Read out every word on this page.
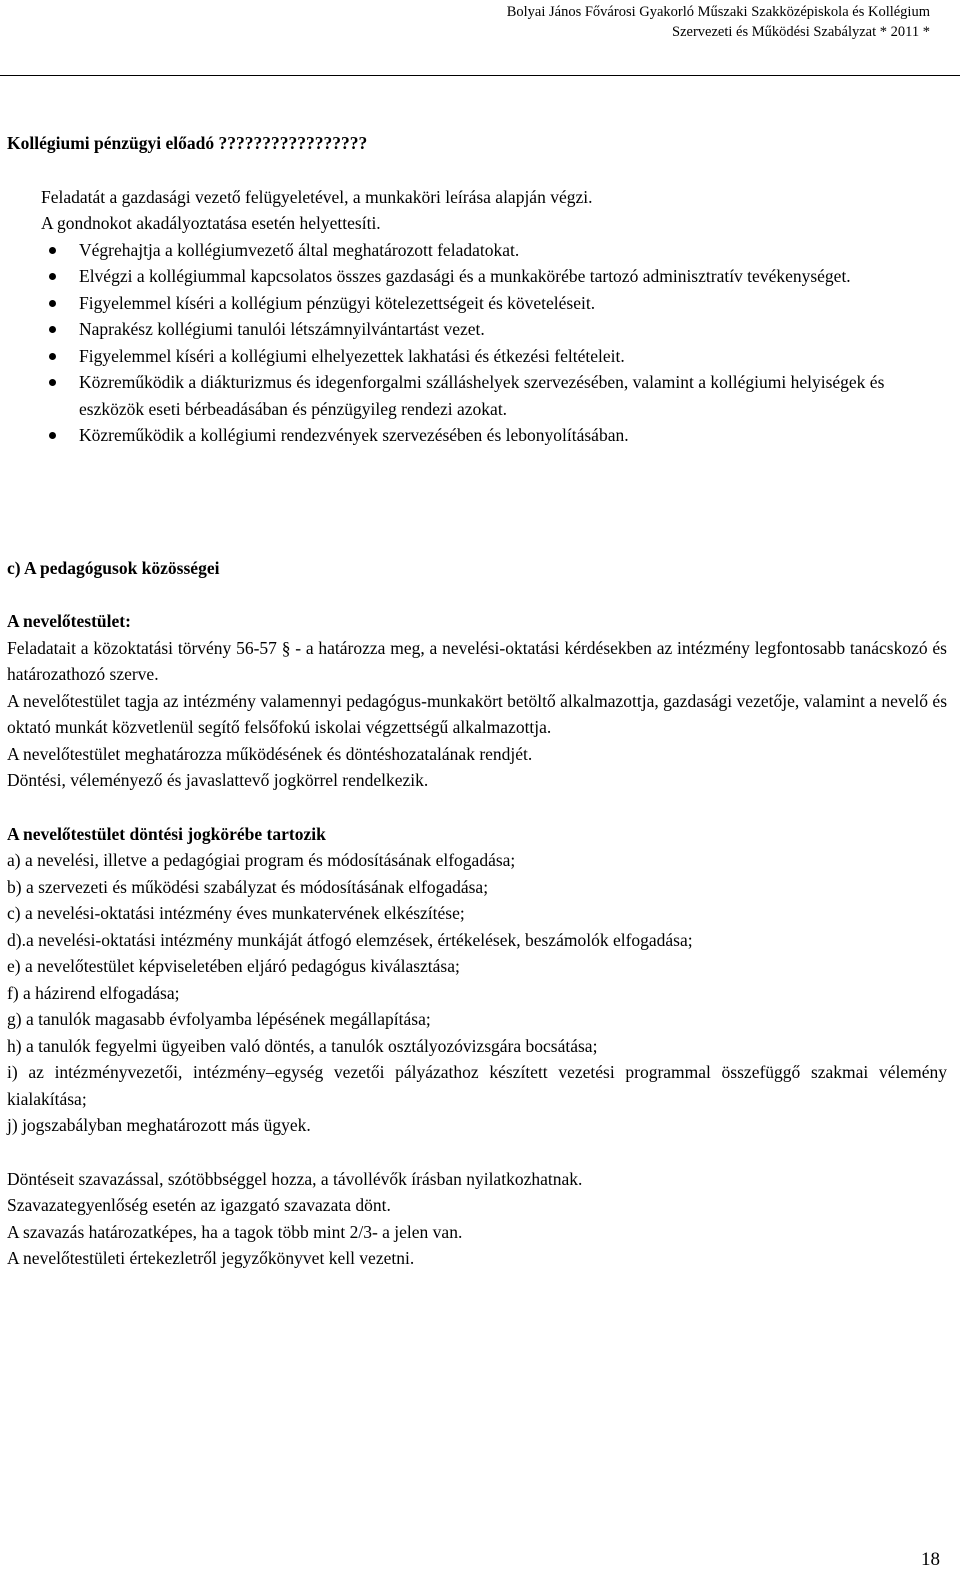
Bolyai János Fővárosi Gyakorló Műszaki Szakközépiskola és Kollégium
Szervezeti és Működési Szabályzat * 2011 *

Kollégiumi pénzügyi előadó ?????????????????

Feladatát a gazdasági vezető felügyeletével, a munkaköri leírása alapján végzi.

A gondnokot akadályoztatása esetén helyettesíti.

Végrehajtja a kollégiumvezető által meghatározott feladatokat.
Elvégzi a kollégiummal kapcsolatos összes gazdasági és a munkakörébe tartozó adminisztratív tevékenységet.
Figyelemmel kíséri a kollégium pénzügyi kötelezettségeit és követeléseit.
Naprakész kollégiumi tanulói létszámnyilvántartást vezet.
Figyelemmel kíséri a kollégiumi elhelyezettek lakhatási és étkezési feltételeit.
Közreműködik a diákturizmus és idegenforgalmi szálláshelyek szervezésében, valamint a kollégiumi helyiségek és eszközök eseti bérbeadásában és pénzügyileg rendezi azokat.
Közreműködik a kollégiumi rendezvények szervezésében és lebonyolításában.

c) A pedagógusok közösségei

A nevelőtestület:

Feladatait a közoktatási törvény 56-57 § - a határozza meg, a nevelési-oktatási kérdésekben az intézmény legfontosabb tanácskozó és határozathozó szerve.

A nevelőtestület tagja az intézmény valamennyi pedagógus-munkakört betöltő alkalmazottja, gazdasági vezetője, valamint a nevelő és oktató munkát közvetlenül segítő felsőfokú iskolai végzettségű alkalmazottja.

A nevelőtestület meghatározza működésének és döntéshozatalának rendjét.

Döntési, véleményező és javaslattevő jogkörrel rendelkezik.

A nevelőtestület döntési jogkörébe tartozik

a) a nevelési, illetve a pedagógiai program és módosításának elfogadása;

b) a szervezeti és működési szabályzat és módosításának elfogadása;

c) a nevelési-oktatási intézmény éves munkatervének elkészítése;

d).a nevelési-oktatási intézmény munkáját átfogó elemzések, értékelések, beszámolók elfogadása;

e) a nevelőtestület képviseletében eljáró pedagógus kiválasztása;

f) a házirend elfogadása;

g) a tanulók magasabb évfolyamba lépésének megállapítása;

h) a tanulók fegyelmi ügyeiben való döntés, a tanulók osztályozóvizsgára bocsátása;

i) az intézményvezetői, intézmény–egység vezetői pályázathoz készített vezetési programmal összefüggő szakmai vélemény kialakítása;

j) jogszabályban meghatározott más ügyek.

Döntéseit szavazással, szótöbbséggel hozza, a távollévők írásban nyilatkozhatnak.

Szavazategyenlőség esetén az igazgató szavazata dönt.

A szavazás határozatképes, ha a tagok több mint 2/3- a jelen van.

A nevelőtestületi értekezletről jegyzőkönyvet kell vezetni.

18
